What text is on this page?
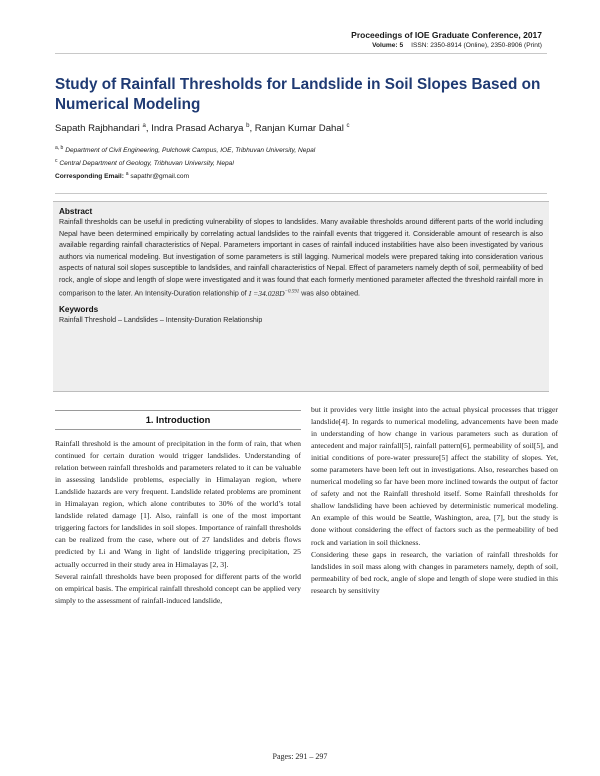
Proceedings of IOE Graduate Conference, 2017
Volume: 5 ISSN: 2350-8914 (Online), 2350-8906 (Print)
Study of Rainfall Thresholds for Landslide in Soil Slopes Based on Numerical Modeling
Sapath Rajbhandari $^a$, Indra Prasad Acharya $^b$, Ranjan Kumar Dahal $^c$
$^{a, b}$ Department of Civil Engineering, Pulchowk Campus, IOE, Tribhuvan University, Nepal
$^c$ Central Department of Geology, Tribhuvan University, Nepal
Corresponding Email: $^a$ sapathr@gmail.com
Abstract

Rainfall thresholds can be useful in predicting vulnerability of slopes to landslides. Many available thresholds around different parts of the world including Nepal have been determined empirically by correlating actual landslides to the rainfall events that triggered it. Considerable amount of research is also available regarding rainfall characteristics of Nepal. Parameters important in cases of rainfall induced instabilities have also been investigated by various authors via numerical modeling. But investigation of some parameters is still lagging. Numerical models were prepared taking into consideration various aspects of natural soil slopes susceptible to landslides, and rainfall characteristics of Nepal. Effect of parameters namely depth of soil, permeability of bed rock, angle of slope and length of slope were investigated and it was found that each formerly mentioned parameter affected the threshold rainfall more in comparison to the later. An Intensity-Duration relationship of $I =34.028D^{-0.591}$ was also obtained.

Keywords
Rainfall Threshold – Landslides – Intensity-Duration Relationship
1. Introduction

Rainfall threshold is the amount of precipitation in the form of rain, that when continued for certain duration would trigger landslides. Understanding of relation between rainfall thresholds and parameters related to it can be valuable in assessing landslide problems, especially in Himalayan region, where Landslide hazards are very frequent. Landslide related problems are prominent in Himalayan region, which alone contributes to 30% of the world’s total landslide related damage [1]. Also, rainfall is one of the most important triggering factors for landslides in soil slopes. Importance of rainfall thresholds can be realized from the case, where out of 27 landslides and debris flows predicted by Li and Wang in light of landslide triggering precipitation, 25 actually occurred in their study area in Himalayas [2, 3].

Several rainfall thresholds have been proposed for different parts of the world on empirical basis. The empirical rainfall threshold concept can be applied very simply to the assessment of rainfall-induced landslide,

but it provides very little insight into the actual physical processes that trigger landslide[4]. In regards to numerical modeling, advancements have been made in understanding of how change in various parameters such as duration of antecedent and major rainfall[5], rainfall pattern[6], permeability of soil[5], and initial conditions of pore-water pressure[5] affect the stability of slopes. Yet, some parameters have been left out in investigations. Also, researches based on numerical modeling so far have been more inclined towards the output of factor of safety and not the Rainfall threshold itself. Some Rainfall thresholds for shallow landsliding have been achieved by deterministic numerical modeling. An example of this would be Seattle, Washington, area, [7], but the study is done without considering the effect of factors such as the permeability of bed rock and variation in soil thickness.

Considering these gaps in research, the variation of rainfall thresholds for landslides in soil mass along with changes in parameters namely, depth of soil, permeability of bed rock, angle of slope and length of slope were studied in this research by sensitivity

Pages: 291 – 297
